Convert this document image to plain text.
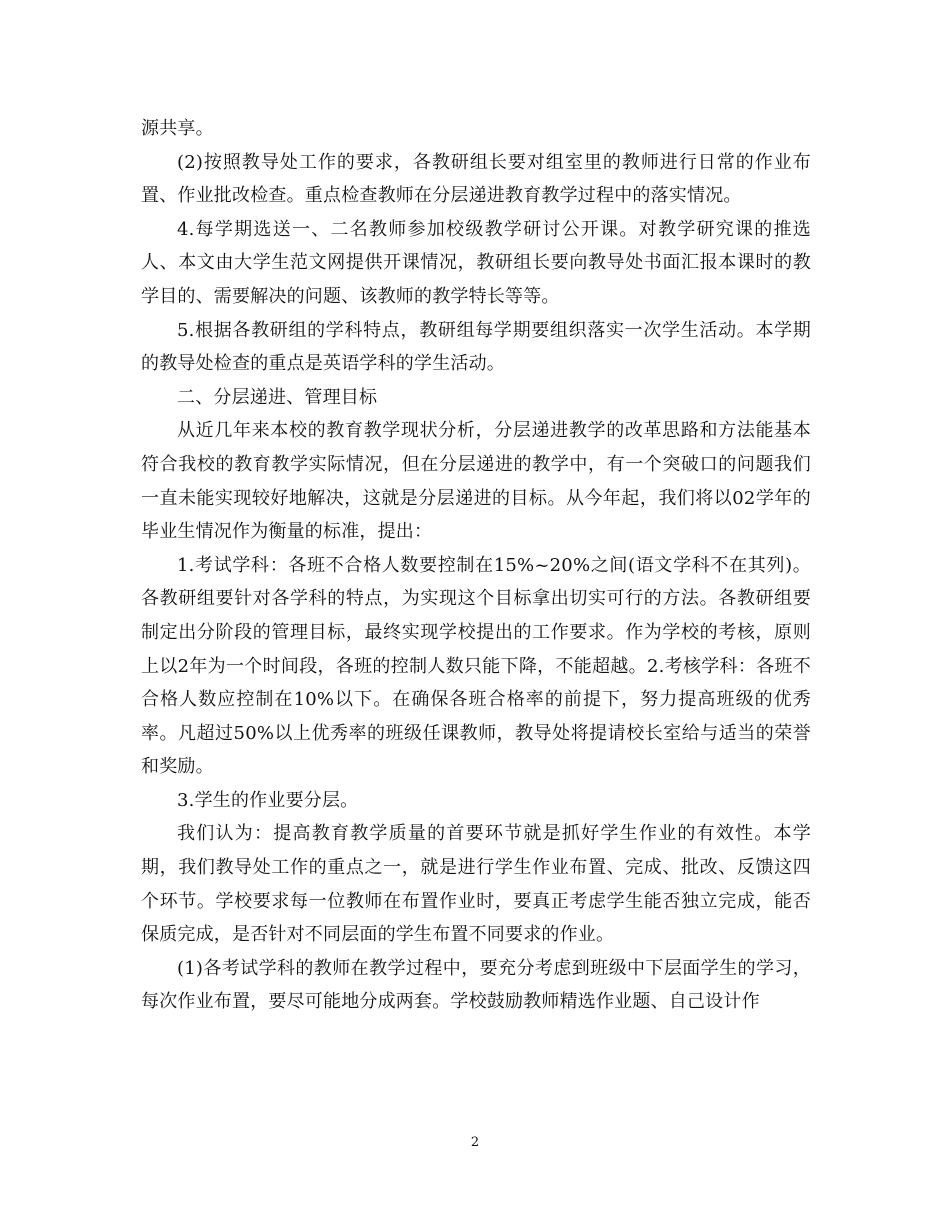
源共享。

(2)按照教导处工作的要求，各教研组长要对组室里的教师进行日常的作业布置、作业批改检查。重点检查教师在分层递进教育教学过程中的落实情况。

4.每学期选送一、二名教师参加校级教学研讨公开课。对教学研究课的推选人、本文由大学生范文网提供开课情况，教研组长要向教导处书面汇报本课时的教学目的、需要解决的问题、该教师的教学特长等等。

5.根据各教研组的学科特点，教研组每学期要组织落实一次学生活动。本学期的教导处检查的重点是英语学科的学生活动。

二、分层递进、管理目标

从近几年来本校的教育教学现状分析，分层递进教学的改革思路和方法能基本符合我校的教育教学实际情况，但在分层递进的教学中，有一个突破口的问题我们一直未能实现较好地解决，这就是分层递进的目标。从今年起，我们将以02学年的毕业生情况作为衡量的标准，提出：

1.考试学科：各班不合格人数要控制在15%~20%之间(语文学科不在其列)。各教研组要针对各学科的特点，为实现这个目标拿出切实可行的方法。各教研组要制定出分阶段的管理目标，最终实现学校提出的工作要求。作为学校的考核，原则上以2年为一个时间段，各班的控制人数只能下降，不能超越。2.考核学科：各班不合格人数应控制在10%以下。在确保各班合格率的前提下，努力提高班级的优秀率。凡超过50%以上优秀率的班级任课教师，教导处将提请校长室给与适当的荣誉和奖励。

3.学生的作业要分层。

我们认为：提高教育教学质量的首要环节就是抓好学生作业的有效性。本学期，我们教导处工作的重点之一，就是进行学生作业布置、完成、批改、反馈这四个环节。学校要求每一位教师在布置作业时，要真正考虑学生能否独立完成，能否保质完成，是否针对不同层面的学生布置不同要求的作业。

(1)各考试学科的教师在教学过程中，要充分考虑到班级中下层面学生的学习，每次作业布置，要尽可能地分成两套。学校鼓励教师精选作业题、自己设计作

2
